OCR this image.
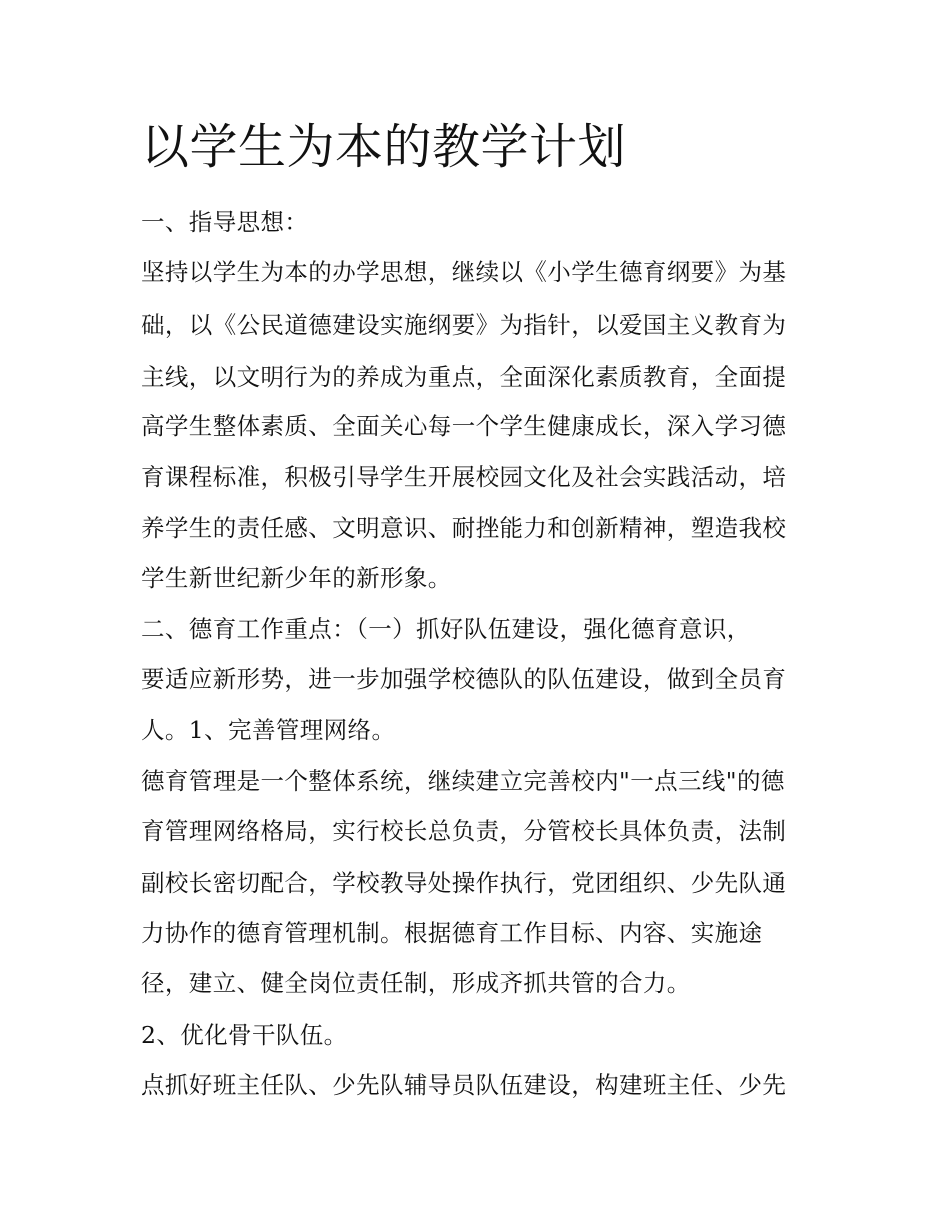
以学生为本的教学计划
一、指导思想：
坚持以学生为本的办学思想，继续以《小学生德育纲要》为基
础，以《公民道德建设实施纲要》为指针，以爱国主义教育为
主线，以文明行为的养成为重点，全面深化素质教育，全面提
高学生整体素质、全面关心每一个学生健康成长，深入学习德
育课程标准，积极引导学生开展校园文化及社会实践活动，培
养学生的责任感、文明意识、耐挫能力和创新精神，塑造我校
学生新世纪新少年的新形象。
二、德育工作重点：（一）抓好队伍建设，强化德育意识，
要适应新形势，进一步加强学校德队的队伍建设，做到全员育
人。1、完善管理网络。
德育管理是一个整体系统，继续建立完善校内"一点三线"的德
育管理网络格局，实行校长总负责，分管校长具体负责，法制
副校长密切配合，学校教导处操作执行，党团组织、少先队通
力协作的德育管理机制。根据德育工作目标、内容、实施途
径，建立、健全岗位责任制，形成齐抓共管的合力。
2、优化骨干队伍。
点抓好班主任队、少先队辅导员队伍建设，构建班主任、少先
